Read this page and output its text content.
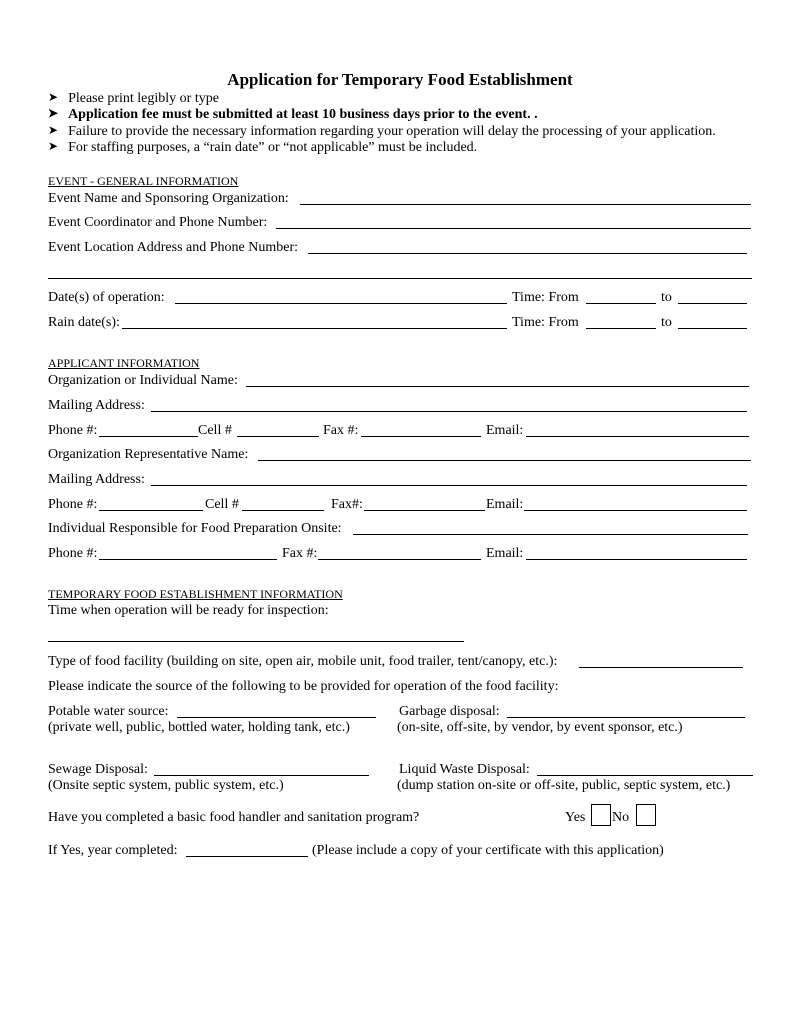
Application for Temporary Food Establishment
➤ Please print legibly or type
➤ Application fee must be submitted at least 10 business days prior to the event. .
➤ Failure to provide the necessary information regarding your operation will delay the processing of your application.
➤ For staffing purposes, a “rain date” or “not applicable” must be included.
EVENT - GENERAL INFORMATION
Event Name and Sponsoring Organization:
Event Coordinator and Phone Number:
Event Location Address and Phone Number:
Date(s) of operation:	Time: From	to
Rain date(s):	Time: From	to
APPLICANT INFORMATION
Organization or Individual Name:
Mailing Address:
Phone #:	Cell #	Fax #:	Email:
Organization Representative Name:
Mailing Address:
Phone #:	Cell #	Fax#:	Email:
Individual Responsible for Food Preparation Onsite:
Phone #:	Fax #:	Email:
TEMPORARY FOOD ESTABLISHMENT INFORMATION
Time when operation will be ready for inspection:
Type of food facility (building on site, open air, mobile unit, food trailer, tent/canopy, etc.):
Please indicate the source of the following to be provided for operation of the food facility:
Potable water source:
(private well, public, bottled water, holding tank, etc.)
Garbage disposal:
(on-site, off-site, by vendor, by event sponsor, etc.)
Sewage Disposal:
(Onsite septic system, public system, etc.)
Liquid Waste Disposal:
(dump station on-site or off-site, public, septic system, etc.)
Have you completed a basic food handler and sanitation program?	Yes No
If Yes, year completed:	(Please include a copy of your certificate with this application)
